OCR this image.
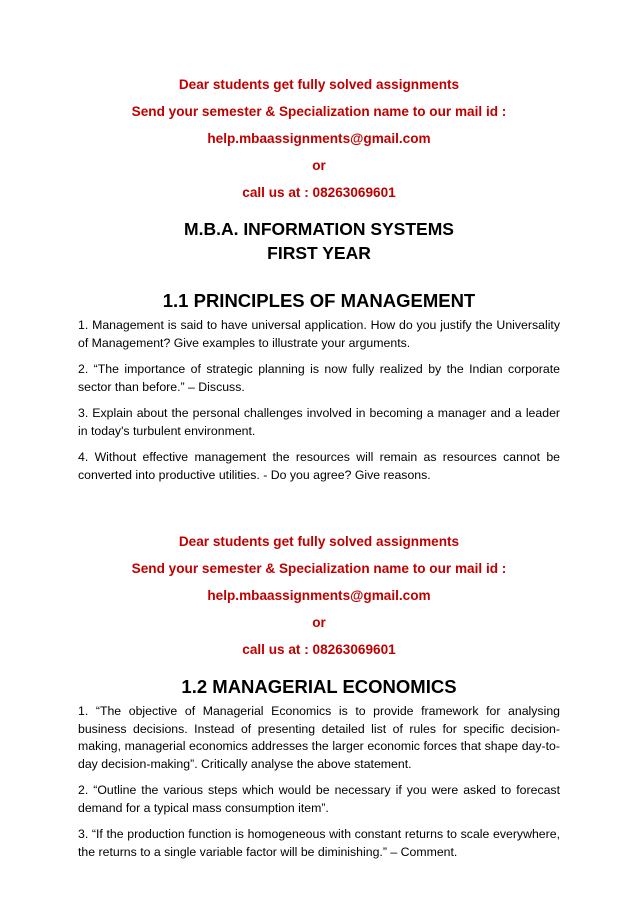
Dear students get fully solved assignments
Send your semester & Specialization name to our mail id :
help.mbaassignments@gmail.com
or
call us at : 08263069601

M.B.A. INFORMATION SYSTEMS

FIRST YEAR

1.1 PRINCIPLES OF MANAGEMENT

1. Management is said to have universal application. How do you justify the Universality of Management? Give examples to illustrate your arguments.

2. “The importance of strategic planning is now fully realized by the Indian corporate sector than before.” – Discuss.

3. Explain about the personal challenges involved in becoming a manager and a leader in today's turbulent environment.

4. Without effective management the resources will remain as resources cannot be converted into productive utilities. - Do you agree? Give reasons.

Dear students get fully solved assignments
Send your semester & Specialization name to our mail id :
help.mbaassignments@gmail.com
or
call us at : 08263069601
1.2 MANAGERIAL ECONOMICS

1. “The objective of Managerial Economics is to provide framework for analysing business decisions. Instead of presenting detailed list of rules for specific decision-making, managerial economics addresses the larger economic forces that shape day-to-day decision-making”. Critically analyse the above statement.

2. “Outline the various steps which would be necessary if you were asked to forecast demand for a typical mass consumption item”.

3. “If the production function is homogeneous with constant returns to scale everywhere, the returns to a single variable factor will be diminishing.” – Comment.
